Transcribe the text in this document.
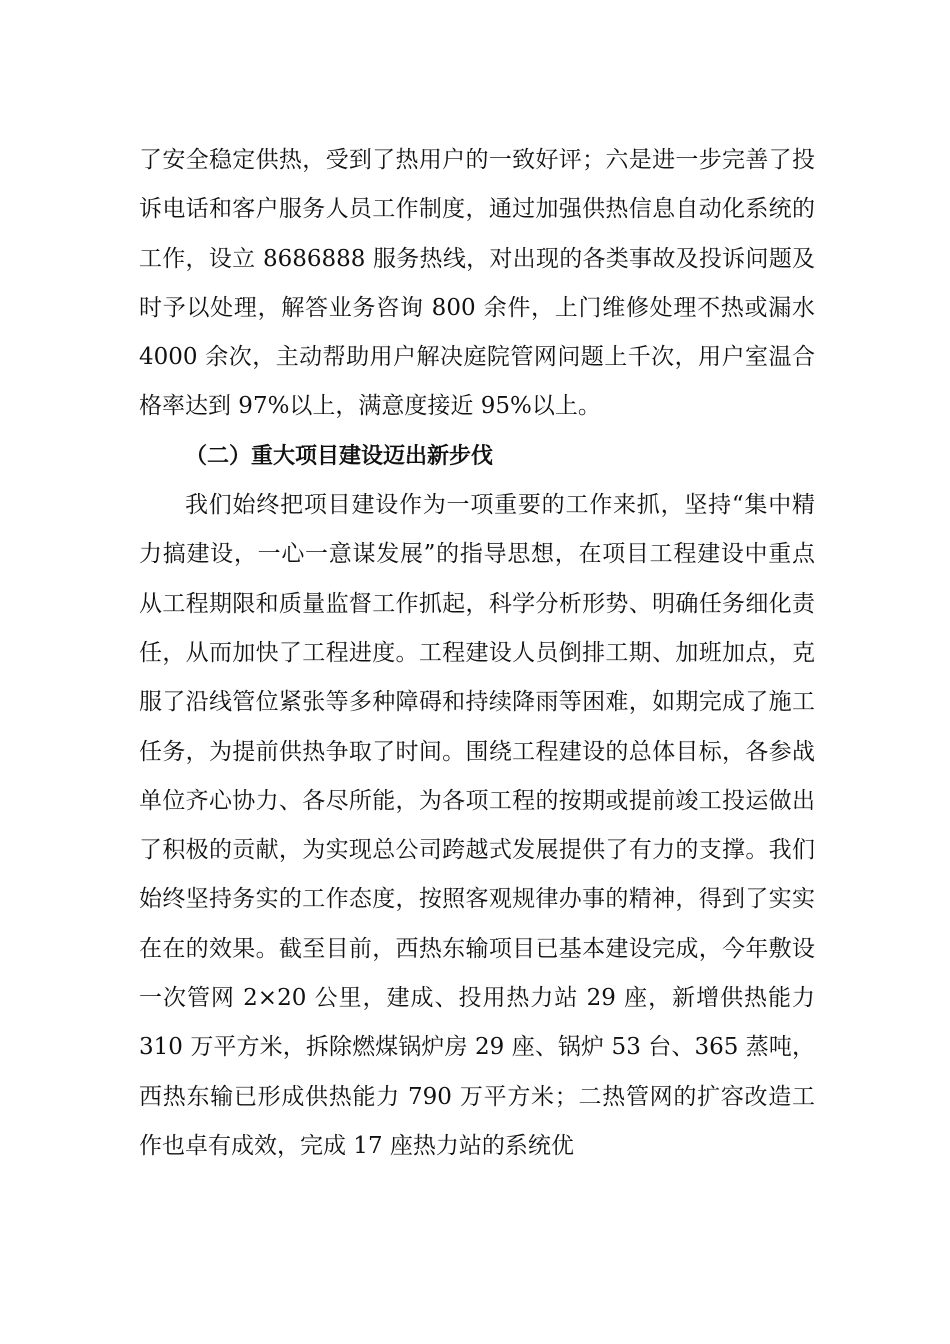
了安全稳定供热，受到了热用户的一致好评；六是进一步完善了投诉电话和客户服务人员工作制度，通过加强供热信息自动化系统的工作，设立 8686888 服务热线，对出现的各类事故及投诉问题及时予以处理，解答业务咨询 800 余件，上门维修处理不热或漏水 4000 余次，主动帮助用户解决庭院管网问题上千次，用户室温合格率达到 97%以上，满意度接近 95%以上。

（二）重大项目建设迈出新步伐

我们始终把项目建设作为一项重要的工作来抓，坚持“集中精力搞建设，一心一意谋发展”的指导思想，在项目工程建设中重点从工程期限和质量监督工作抓起，科学分析形势、明确任务细化责任，从而加快了工程进度。工程建设人员倒排工期、加班加点，克服了沿线管位紧张等多种障碍和持续降雨等困难，如期完成了施工任务，为提前供热争取了时间。围绕工程建设的总体目标，各参战单位齐心协力、各尽所能，为各项工程的按期或提前竣工投运做出了积极的贡献，为实现总公司跨越式发展提供了有力的支撑。我们始终坚持务实的工作态度，按照客观规律办事的精神，得到了实实在在的效果。截至目前，西热东输项目已基本建设完成，今年敷设一次管网 2×20 公里，建成、投用热力站 29 座，新增供热能力 310 万平方米，拆除燃煤锅炉房 29 座、锅炉 53 台、365 蒸吨，西热东输已形成供热能力 790 万平方米；二热管网的扩容改造工作也卓有成效，完成 17 座热力站的系统优
